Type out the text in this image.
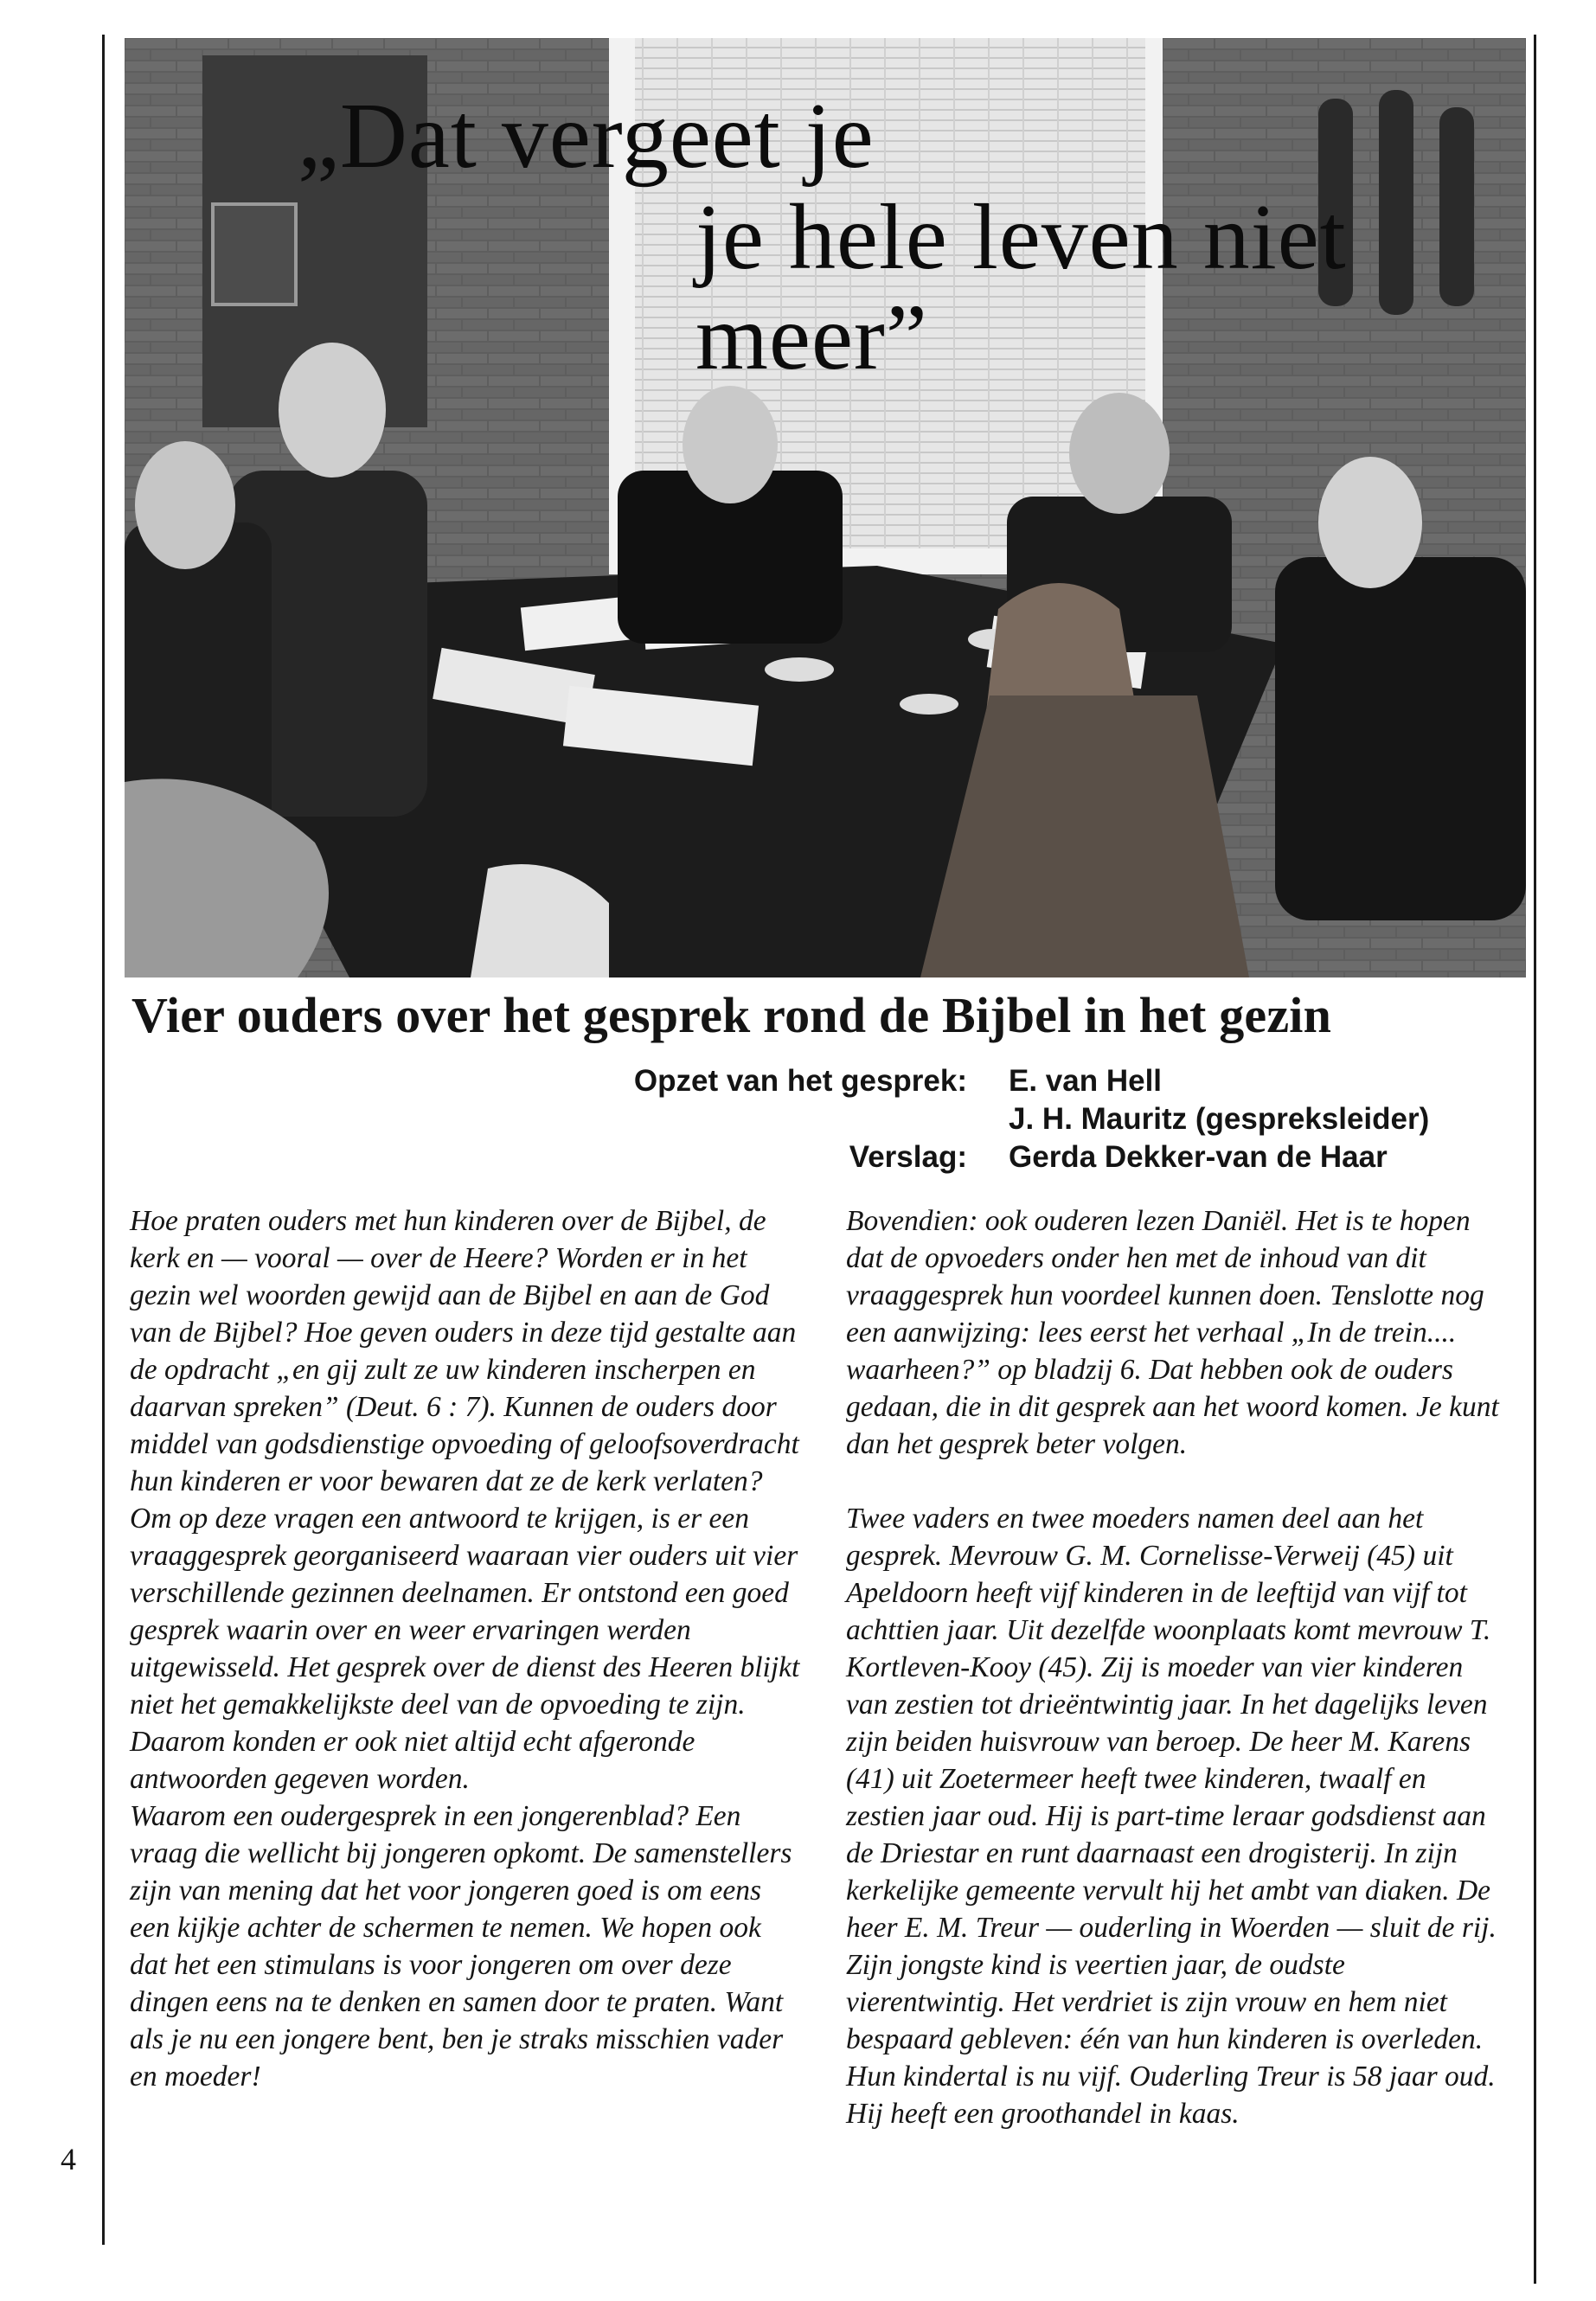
„Dat vergeet je
je hele leven niet meer”
Vier ouders over het gesprek rond de Bijbel in het gezin
Opzet van het gesprek:
Verslag:
E. van Hell
J. H. Mauritz (gespreksleider)
Gerda Dekker-van de Haar

Hoe praten ouders met hun kinderen over de Bijbel, de kerk en — vooral — over de Heere? Worden er in het gezin wel woorden gewijd aan de Bijbel en aan de God van de Bijbel? Hoe geven ouders in deze tijd gestalte aan de opdracht „en gij zult ze uw kinderen inscherpen en daarvan spreken” (Deut. 6 : 7). Kunnen de ouders door middel van godsdienstige opvoeding of geloofsoverdracht hun kinderen er voor bewaren dat ze de kerk verlaten?

Om op deze vragen een antwoord te krijgen, is er een vraaggesprek georganiseerd waaraan vier ouders uit vier verschillende gezinnen deelnamen. Er ontstond een goed gesprek waarin over en weer ervaringen werden uitgewisseld. Het gesprek over de dienst des Heeren blijkt niet het gemakkelijkste deel van de opvoeding te zijn. Daarom konden er ook niet altijd echt afgeronde antwoorden gegeven worden.

Waarom een oudergesprek in een jongerenblad? Een vraag die wellicht bij jongeren opkomt. De samenstellers zijn van mening dat het voor jongeren goed is om eens een kijkje achter de schermen te nemen. We hopen ook dat het een stimulans is voor jongeren om over deze dingen eens na te denken en samen door te praten. Want als je nu een jongere bent, ben je straks misschien vader en moeder!

Bovendien: ook ouderen lezen Daniël. Het is te hopen dat de opvoeders onder hen met de inhoud van dit vraaggesprek hun voordeel kunnen doen. Tenslotte nog een aanwijzing: lees eerst het verhaal „In de trein.... waarheen?” op bladzij 6. Dat hebben ook de ouders gedaan, die in dit gesprek aan het woord komen. Je kunt dan het gesprek beter volgen.

Twee vaders en twee moeders namen deel aan het gesprek. Mevrouw G. M. Cornelisse-Verweij (45) uit Apeldoorn heeft vijf kinderen in de leeftijd van vijf tot achttien jaar. Uit dezelfde woonplaats komt mevrouw T. Kortleven-Kooy (45). Zij is moeder van vier kinderen van zestien tot drieëntwintig jaar. In het dagelijks leven zijn beiden huisvrouw van beroep. De heer M. Karens (41) uit Zoetermeer heeft twee kinderen, twaalf en zestien jaar oud. Hij is part-time leraar godsdienst aan de Driestar en runt daarnaast een drogisterij. In zijn kerkelijke gemeente vervult hij het ambt van diaken. De heer E. M. Treur — ouderling in Woerden — sluit de rij. Zijn jongste kind is veertien jaar, de oudste vierentwintig. Het verdriet is zijn vrouw en hem niet bespaard gebleven: één van hun kinderen is overleden. Hun kindertal is nu vijf. Ouderling Treur is 58 jaar oud. Hij heeft een groothandel in kaas.

4
